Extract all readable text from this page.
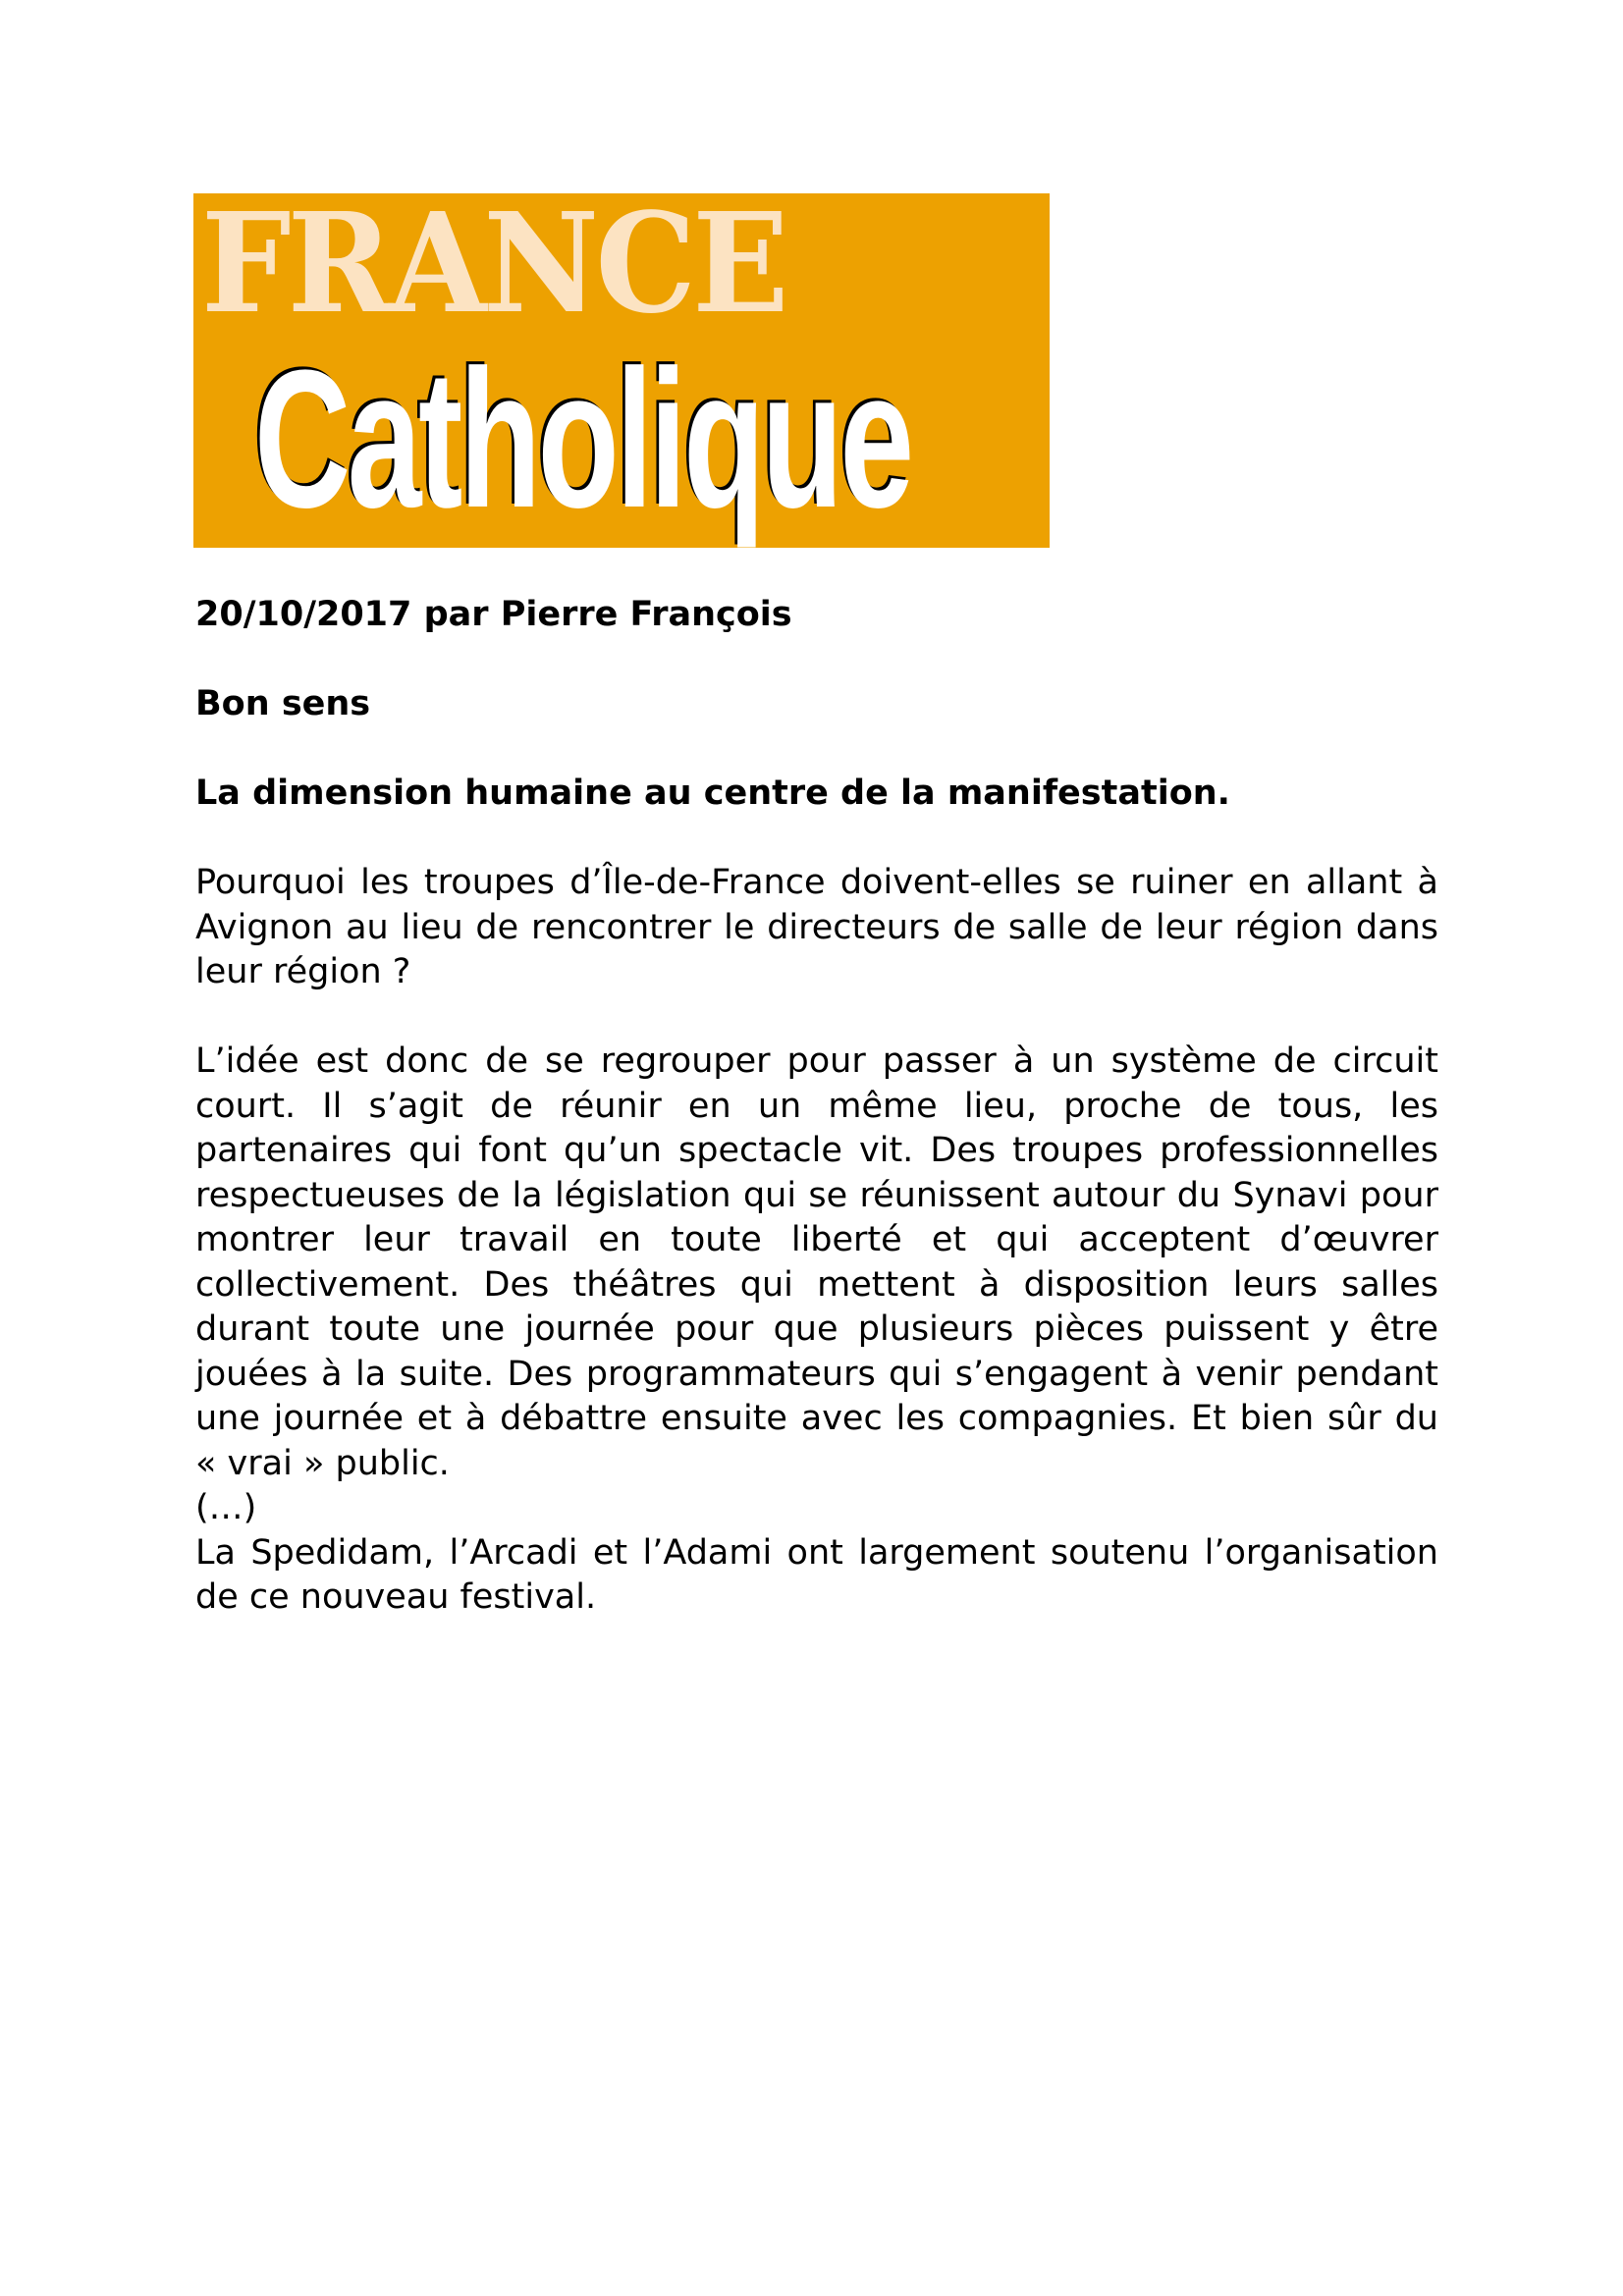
FRANCE
Catholique

20/10/2017 par Pierre François

Bon sens

La dimension humaine au centre de la manifestation.

Pourquoi les troupes d’Île-de-France doivent-elles se ruiner en allant à Avignon au lieu de rencontrer le directeurs de salle de leur région dans leur région ?

L’idée est donc de se regrouper pour passer à un système de circuit court. Il s’agit de réunir en un même lieu, proche de tous, les partenaires qui font qu’un spectacle vit. Des troupes professionnelles respectueuses de la législation qui se réunissent autour du Synavi pour montrer leur travail en toute liberté et qui acceptent d’œuvrer collectivement. Des théâtres qui mettent à disposition leurs salles durant toute une journée pour que plusieurs pièces puissent y être jouées à la suite. Des programmateurs qui s’engagent à venir pendant une journée et à débattre ensuite avec les compagnies. Et bien sûr du « vrai » public.

(…)

La Spedidam, l’Arcadi et l’Adami ont largement soutenu l’organisation de ce nouveau festival.
